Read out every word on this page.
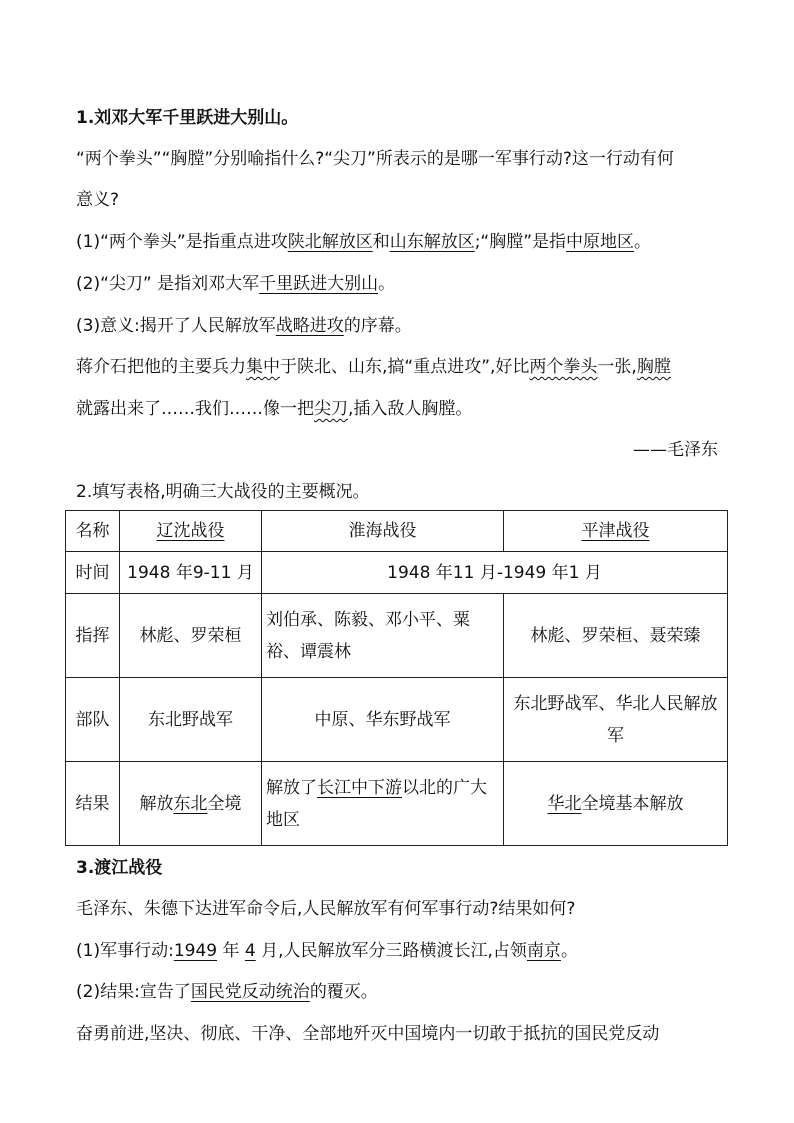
1.刘邓大军千里跃进大别山。
“两个拳头”“胸膛”分别喻指什么?“尖刀”所表示的是哪一军事行动?这一行动有何
意义?
(1)“两个拳头”是指重点进攻陕北解放区和山东解放区;“胸膛”是指中原地区。
(2)“尖刀” 是指刘邓大军千里跃进大别山。
(3)意义:揭开了人民解放军战略进攻的序幕。
蒋介石把他的主要兵力集中于陕北、山东,搞“重点进攻”,好比两个拳头一张,胸膛
就露出来了……我们……像一把尖刀,插入敌人胸膛。
——毛泽东
2.填写表格,明确三大战役的主要概况。
名称	辽沈战役	淮海战役	平津战役
时间	1948 年9-11 月	1948 年11 月-1949 年1 月	
指挥	林彪、罗荣桓	刘伯承、陈毅、邓小平、粟裕、谭震林	林彪、罗荣桓、聂荣臻
部队	东北野战军	中原、华东野战军	东北野战军、华北人民解放军
结果	解放东北全境	解放了长江中下游以北的广大地区	华北全境基本解放
3.渡江战役
毛泽东、朱德下达进军命令后,人民解放军有何军事行动?结果如何?
(1)军事行动:1949 年 4 月,人民解放军分三路横渡长江,占领南京。
(2)结果:宣告了国民党反动统治的覆灭。
奋勇前进,坚决、彻底、干净、全部地歼灭中国境内一切敢于抵抗的国民党反动
